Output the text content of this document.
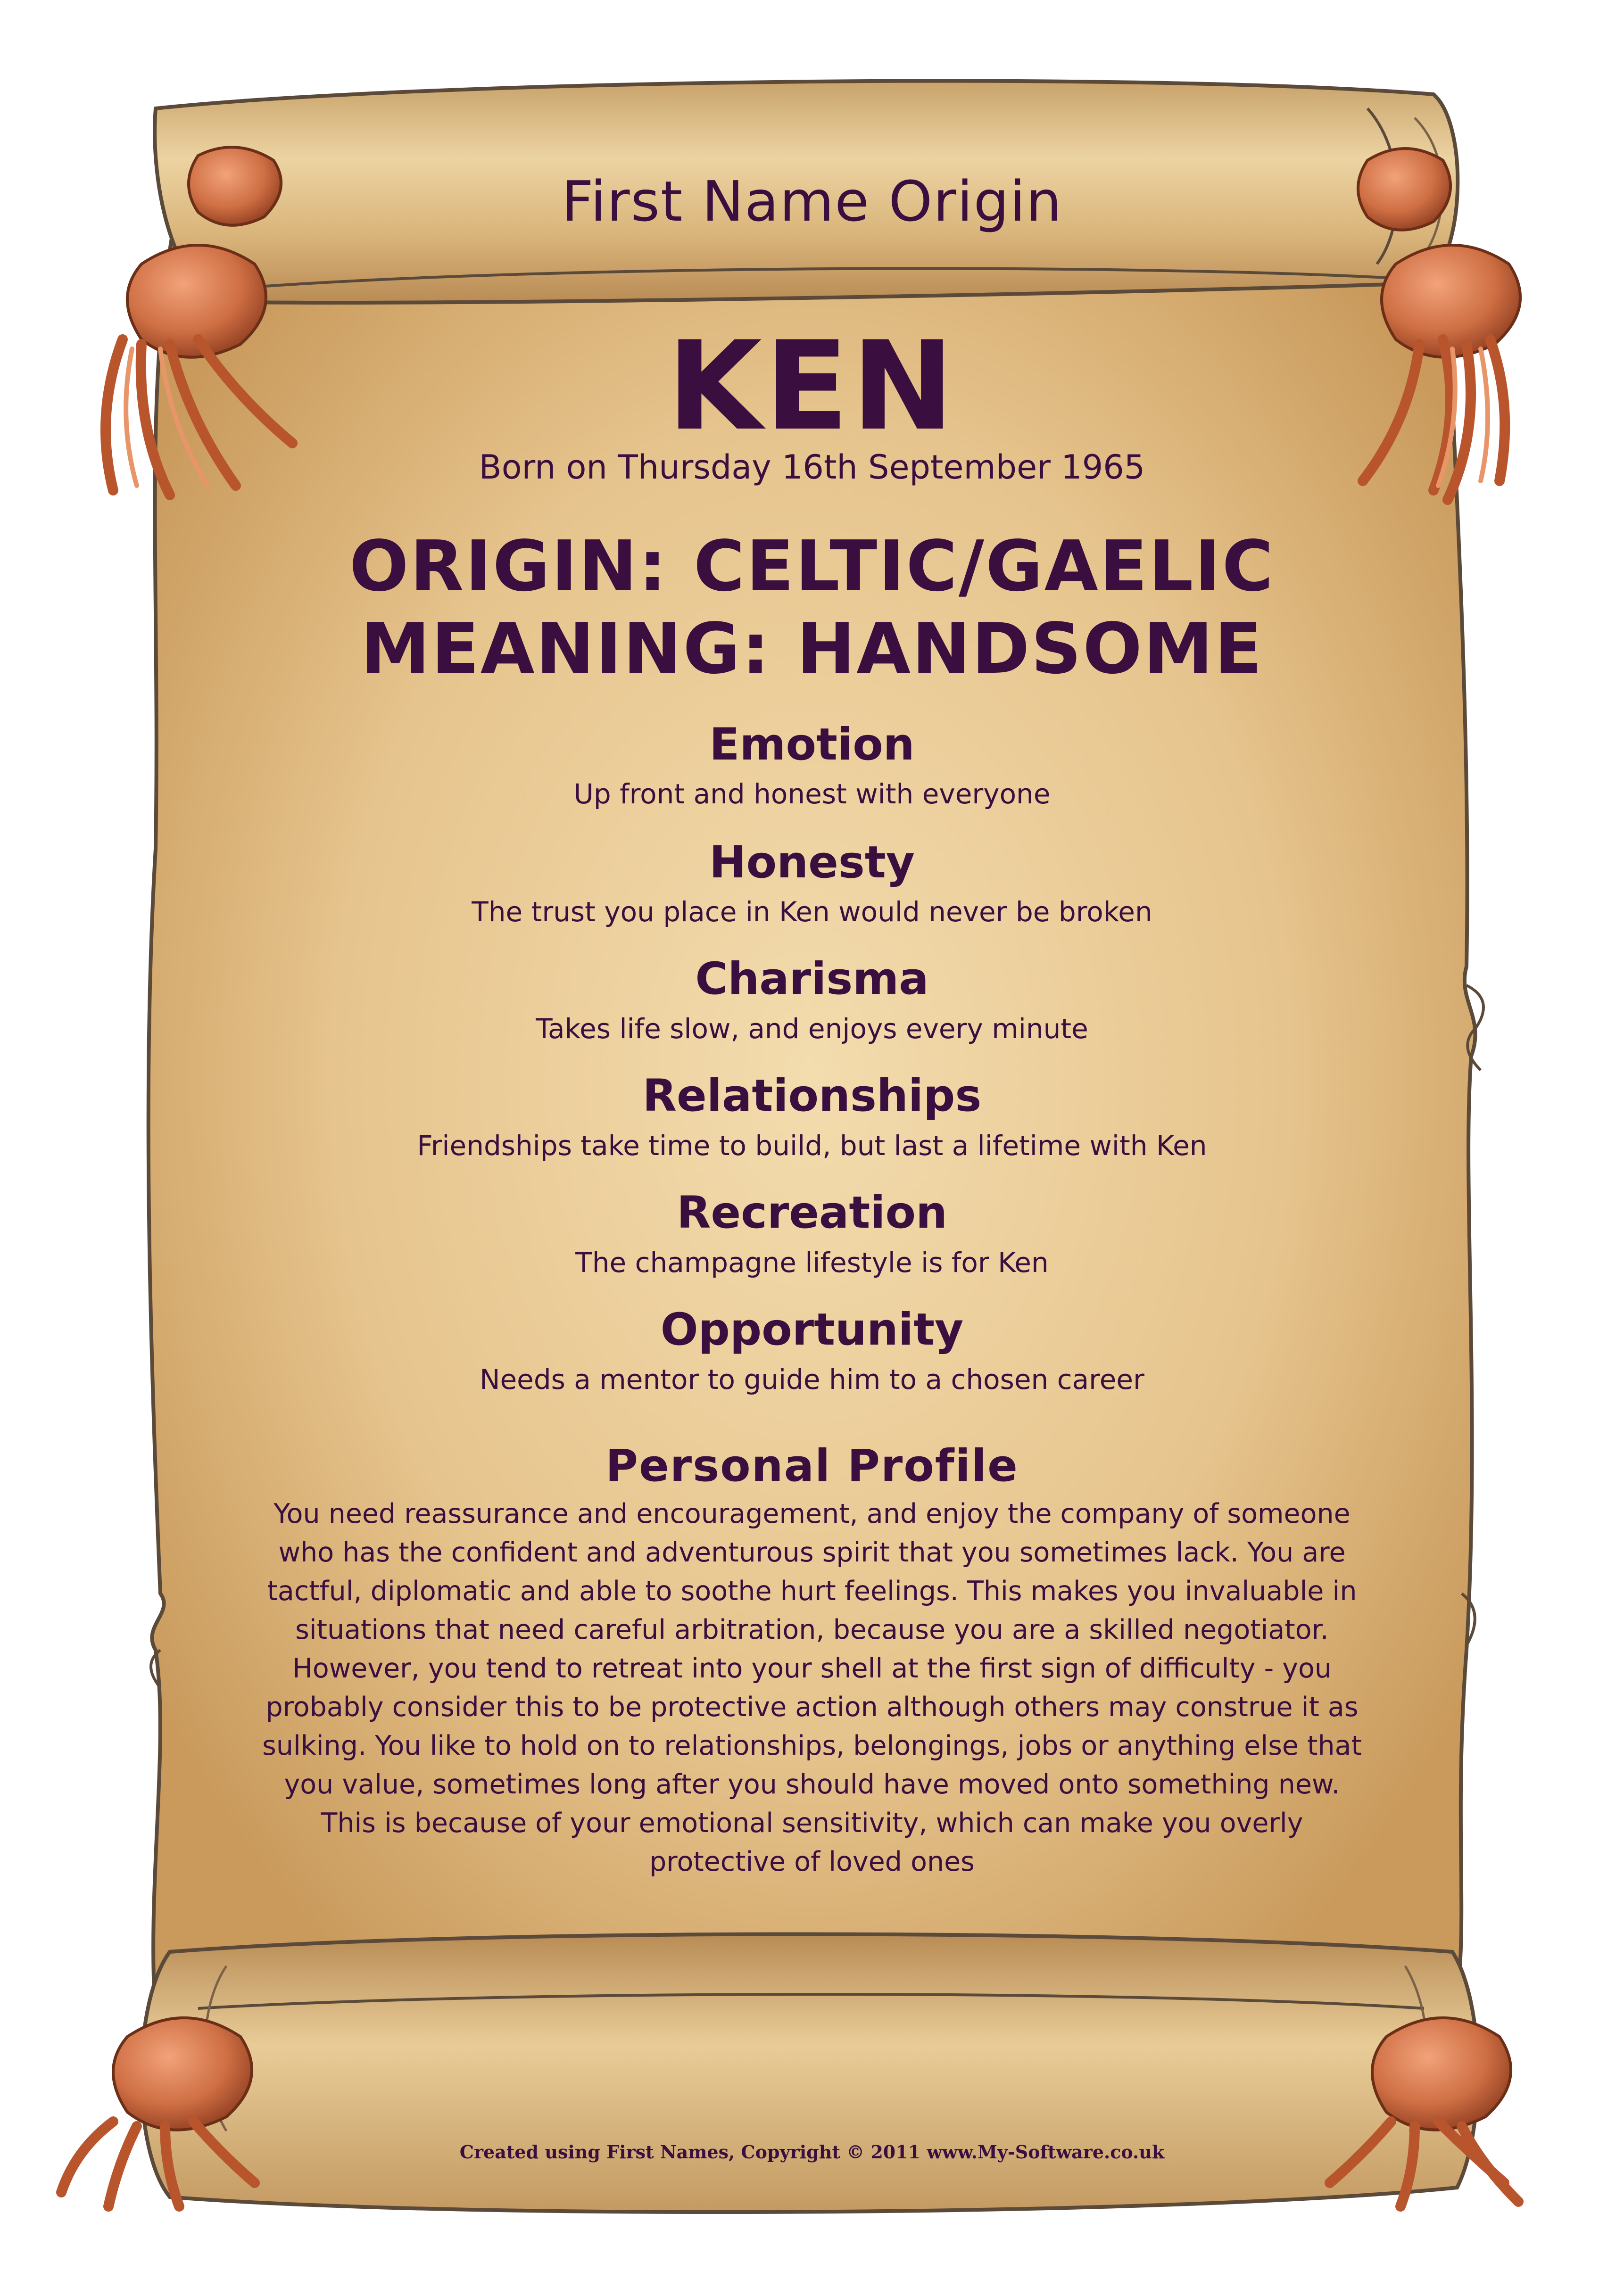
First Name Origin
KEN
Born on Thursday 16th September 1965
ORIGIN: CELTIC/GAELIC
MEANING: HANDSOME
Emotion
Up front and honest with everyone
Honesty
The trust you place in Ken would never be broken
Charisma
Takes life slow, and enjoys every minute
Relationships
Friendships take time to build, but last a lifetime with Ken
Recreation
The champagne lifestyle is for Ken
Opportunity
Needs a mentor to guide him to a chosen career
Personal Profile

You need reassurance and encouragement, and enjoy the company of someone who has the confident and adventurous spirit that you sometimes lack. You are tactful, diplomatic and able to soothe hurt feelings. This makes you invaluable in situations that need careful arbitration, because you are a skilled negotiator. However, you tend to retreat into your shell at the first sign of difficulty - you probably consider this to be protective action although others may construe it as sulking. You like to hold on to relationships, belongings, jobs or anything else that you value, sometimes long after you should have moved onto something new. This is because of your emotional sensitivity, which can make you overly protective of loved ones

Created using First Names, Copyright © 2011 www.My-Software.co.uk
